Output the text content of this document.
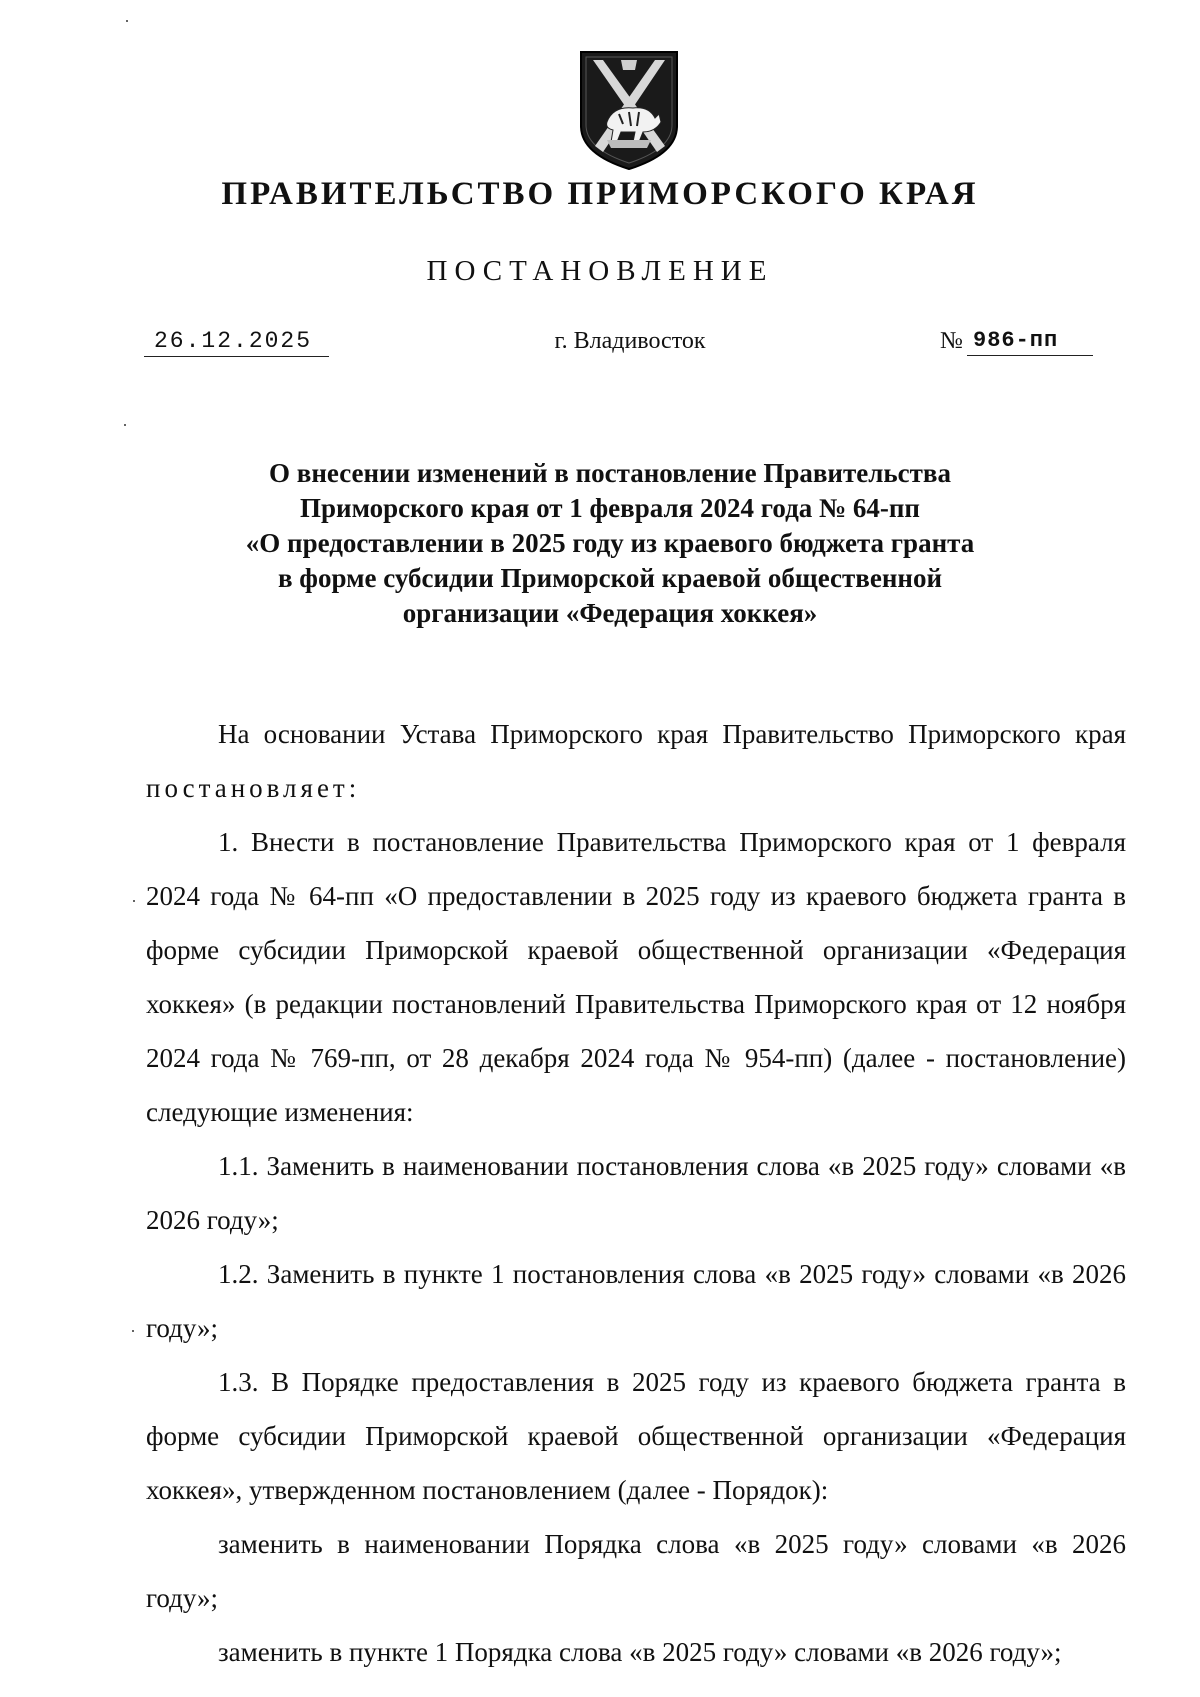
ПРАВИТЕЛЬСТВО ПРИМОРСКОГО КРАЯ
ПОСТАНОВЛЕНИЕ
26.12.2025	г. Владивосток	№ 986-пп
О внесении изменений в постановление Правительства
Приморского края от 1 февраля 2024 года № 64-пп
«О предоставлении в 2025 году из краевого бюджета гранта
в форме субсидии Приморской краевой общественной
организации «Федерация хоккея»

На основании Устава Приморского края Правительство Приморского края постановляет:

1. Внести в постановление Правительства Приморского края от 1 февраля 2024 года № 64-пп «О предоставлении в 2025 году из краевого бюджета гранта в форме субсидии Приморской краевой общественной организации «Федерация хоккея» (в редакции постановлений Правительства Приморского края от 12 ноября 2024 года № 769-пп, от 28 декабря 2024 года № 954-пп) (далее - постановление) следующие изменения:

1.1. Заменить в наименовании постановления слова «в 2025 году» словами «в 2026 году»;

1.2. Заменить в пункте 1 постановления слова «в 2025 году» словами «в 2026 году»;

1.3. В Порядке предоставления в 2025 году из краевого бюджета гранта в форме субсидии Приморской краевой общественной организации «Федерация хоккея», утвержденном постановлением (далее - Порядок):

заменить в наименовании Порядка слова «в 2025 году» словами «в 2026 году»;

заменить в пункте 1 Порядка слова «в 2025 году» словами «в 2026 году»;
